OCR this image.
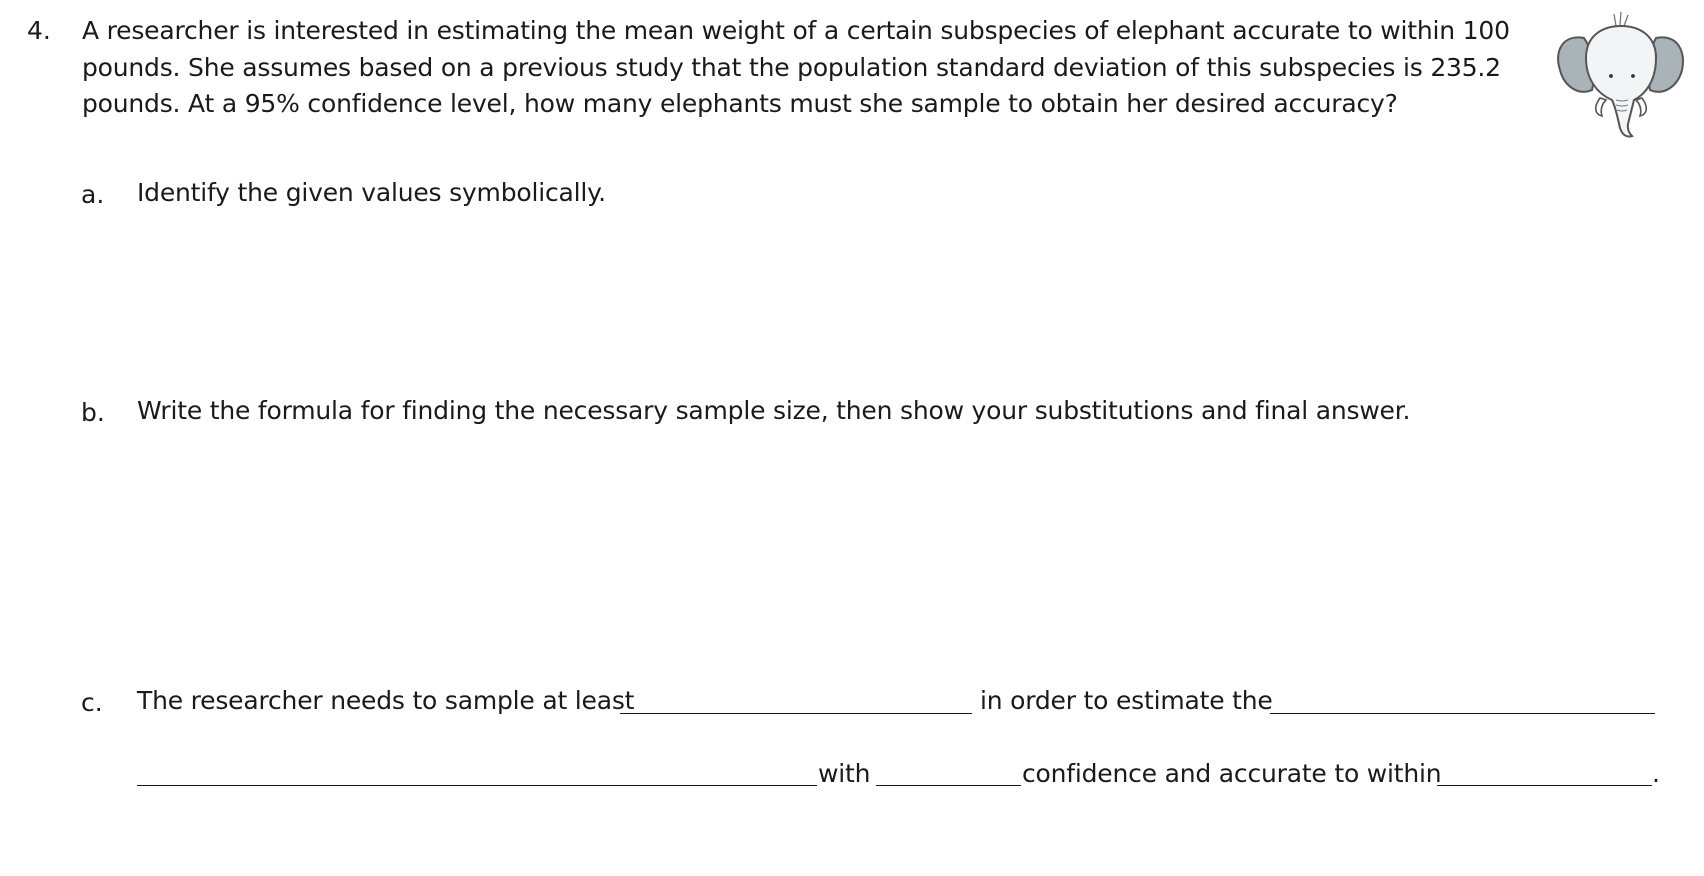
4. A researcher is interested in estimating the mean weight of a certain subspecies of elephant accurate to within 100
pounds. She assumes based on a previous study that the population standard deviation of this subspecies is 235.2
pounds. At a 95% confidence level, how many elephants must she sample to obtain her desired accuracy?
a. Identify the given values symbolically.
b. Write the formula for finding the necessary sample size, then show your substitutions and final answer.
c. The researcher needs to sample at least	in order to estimate the
with	confidence and accurate to within	.
